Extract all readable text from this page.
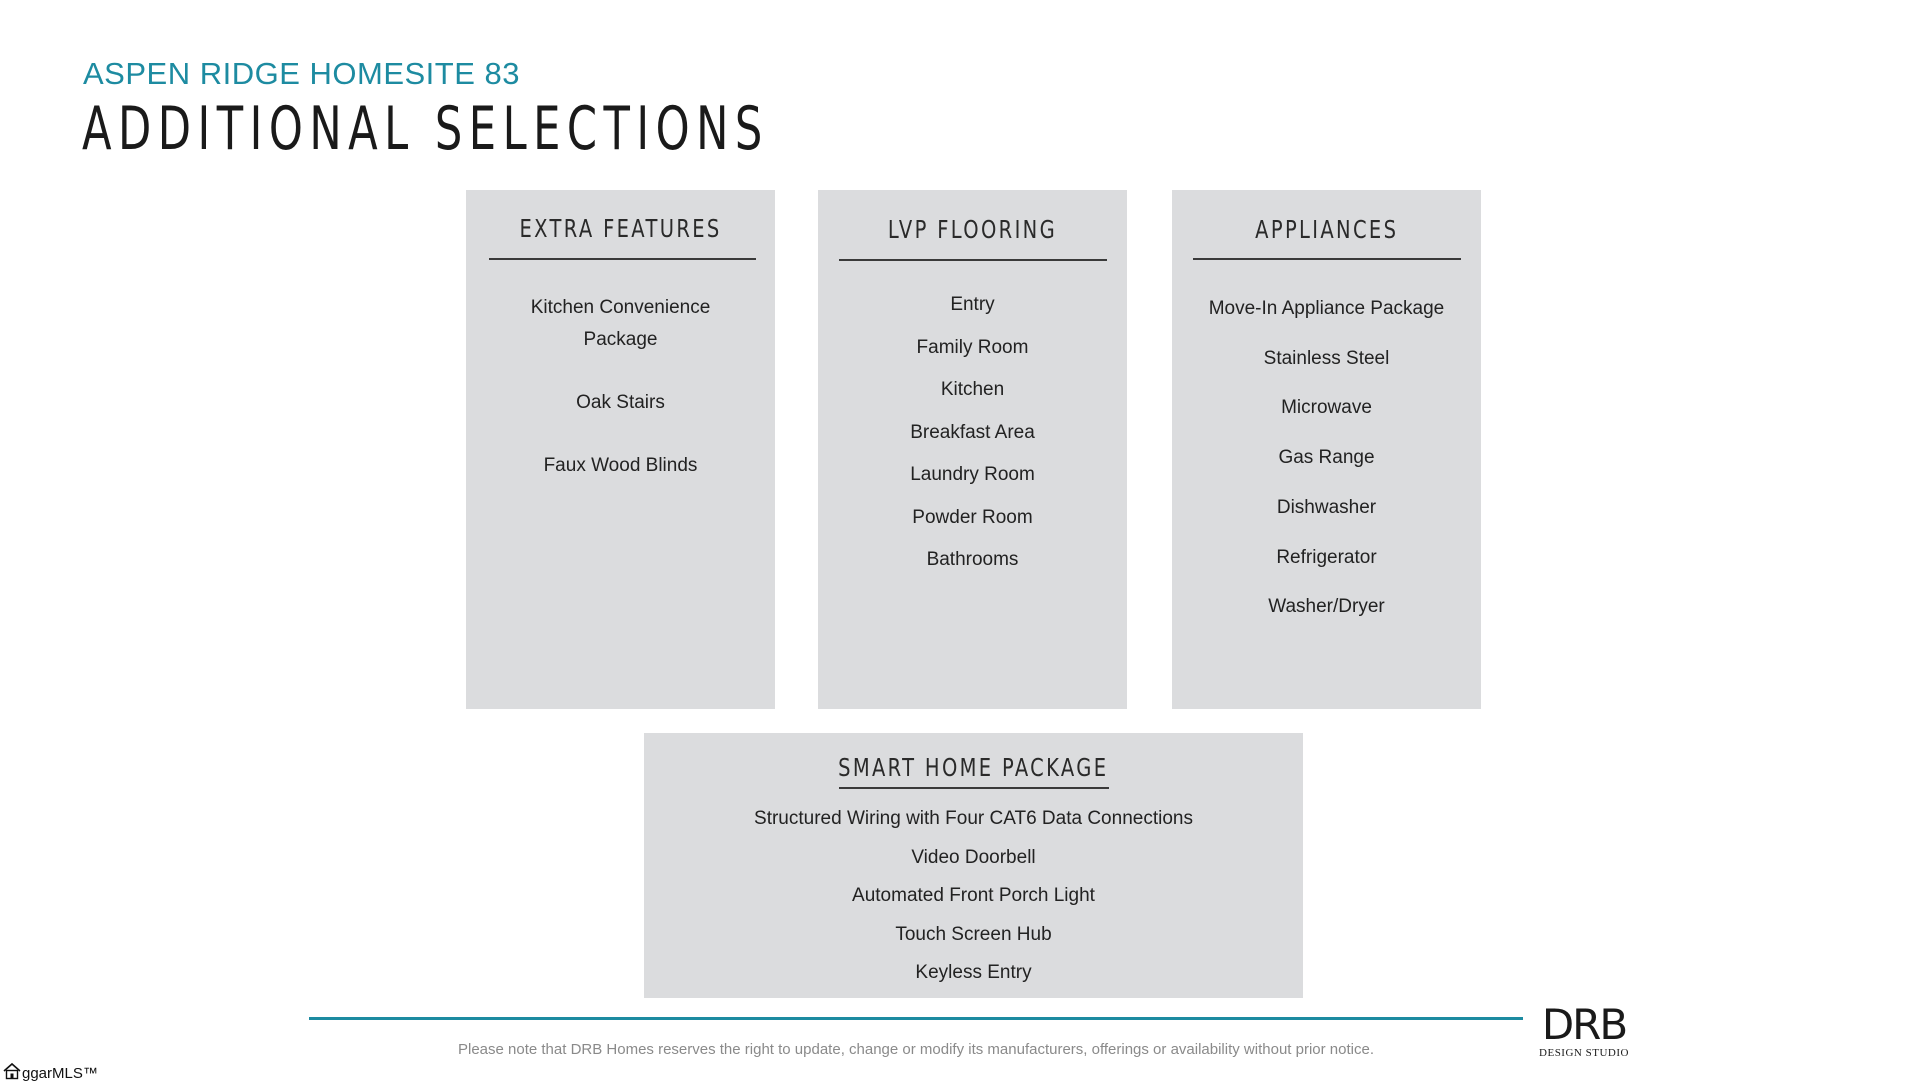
ASPEN RIDGE HOMESITE 83
ADDITIONAL SELECTIONS
EXTRA FEATURES
Kitchen Convenience Package
Oak Stairs
Faux Wood Blinds
LVP FLOORING
Entry
Family Room
Kitchen
Breakfast Area
Laundry Room
Powder Room
Bathrooms
APPLIANCES
Move-In Appliance Package
Stainless Steel
Microwave
Gas Range
Dishwasher
Refrigerator
Washer/Dryer
SMART HOME PACKAGE
Structured Wiring with Four CAT6 Data Connections
Video Doorbell
Automated Front Porch Light
Touch Screen Hub
Keyless Entry
Please note that DRB Homes reserves the right to update, change or modify its manufacturers, offerings or availability without prior notice.
DRB
DESIGN STUDIO
ggarMLS™
